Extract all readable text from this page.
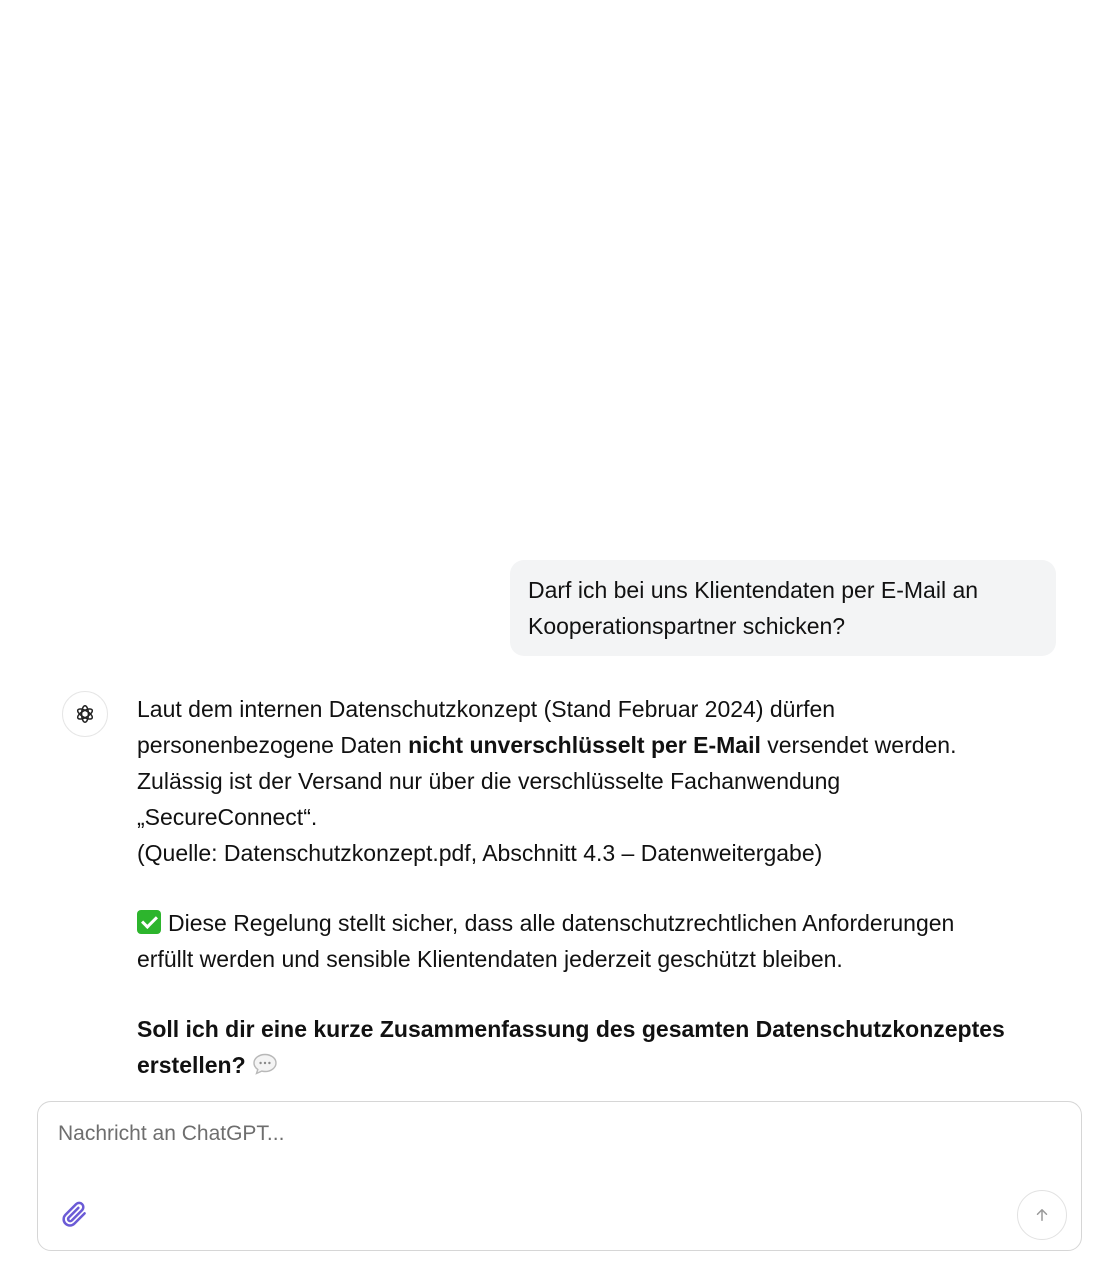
Darf ich bei uns Klientendaten per E-Mail an
Kooperationspartner schicken?
Laut dem internen Datenschutzkonzept (Stand Februar 2024) dürfen
personenbezogene Daten nicht unverschlüsselt per E-Mail versendet werden.
Zulässig ist der Versand nur über die verschlüsselte Fachanwendung
„SecureConnect“.
(Quelle: Datenschutzkonzept.pdf, Abschnitt 4.3 – Datenweitergabe)
Diese Regelung stellt sicher, dass alle datenschutzrechtlichen Anforderungen
erfüllt werden und sensible Klientendaten jederzeit geschützt bleiben.
Soll ich dir eine kurze Zusammenfassung des gesamten Datenschutzkonzeptes
erstellen?
Nachricht an ChatGPT...
